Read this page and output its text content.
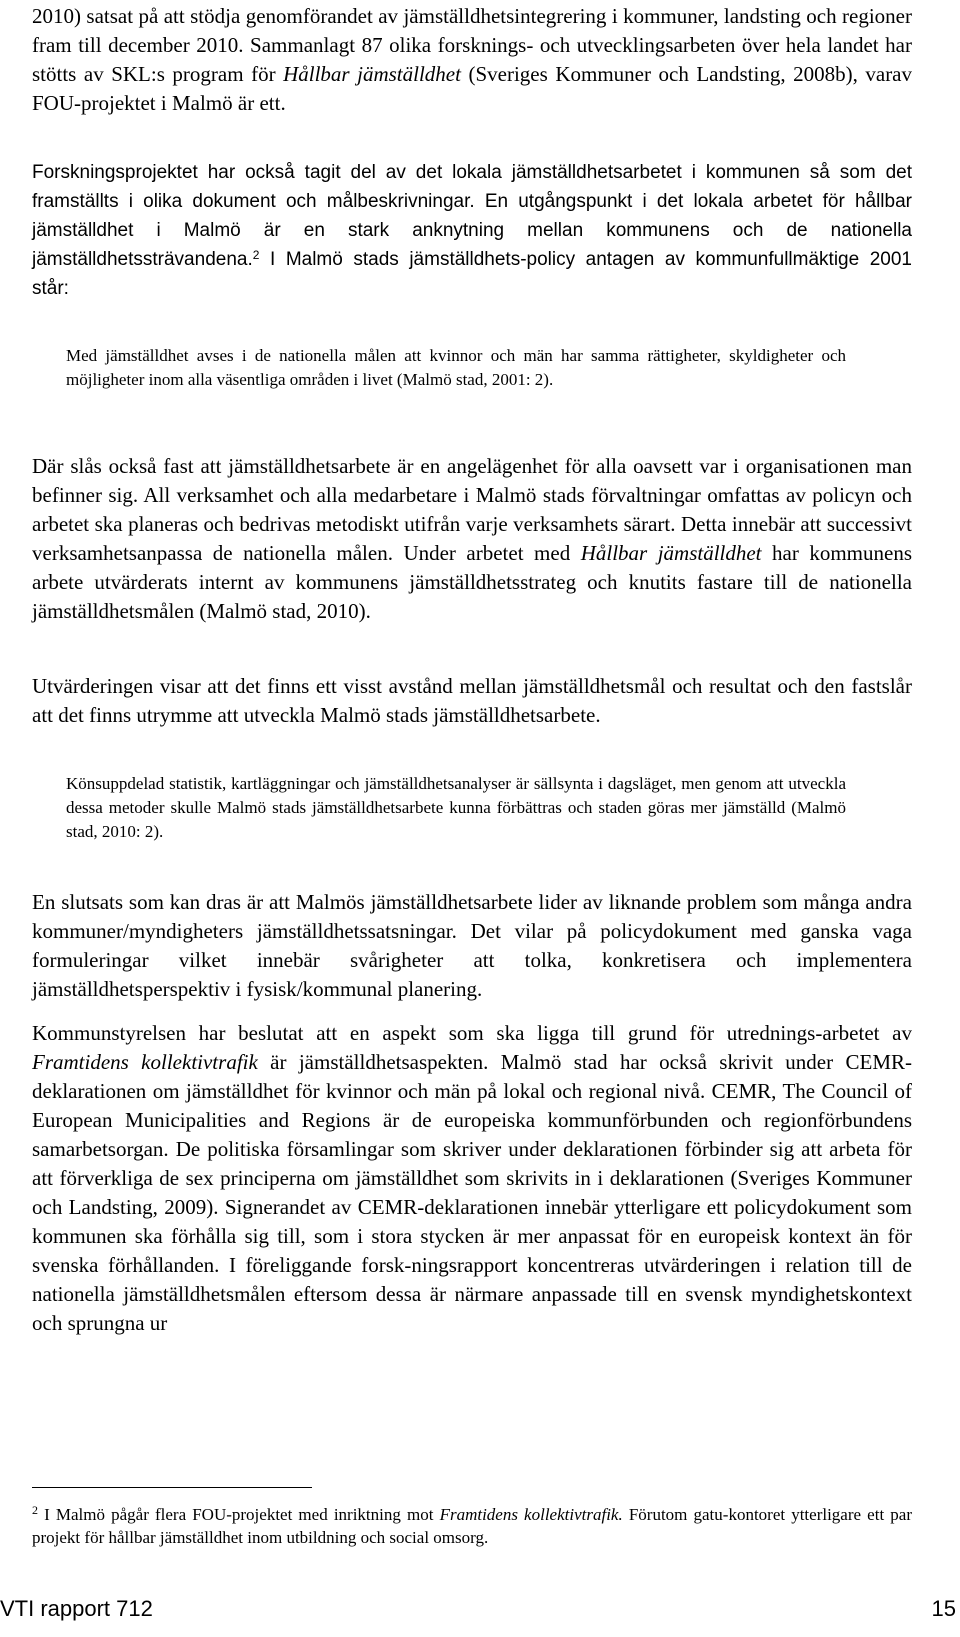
2010) satsat på att stödja genomförandet av jämställdhetsintegrering i kommuner, landsting och regioner fram till december 2010. Sammanlagt 87 olika forsknings- och utvecklingsarbeten över hela landet har stötts av SKL:s program för Hållbar jämställdhet (Sveriges Kommuner och Landsting, 2008b), varav FOU-projektet i Malmö är ett.

Forskningsprojektet har också tagit del av det lokala jämställdhetsarbetet i kommunen så som det framställts i olika dokument och målbeskrivningar. En utgångspunkt i det lokala arbetet för hållbar jämställdhet i Malmö är en stark anknytning mellan kommunens och de nationella jämställdhetssträvandena.$^2$ I Malmö stads jämställdhets-policy antagen av kommunfullmäktige 2001 står:

Med jämställdhet avses i de nationella målen att kvinnor och män har samma rättigheter, skyldigheter och möjligheter inom alla väsentliga områden i livet (Malmö stad, 2001: 2).

Där slås också fast att jämställdhetsarbete är en angelägenhet för alla oavsett var i organisationen man befinner sig. All verksamhet och alla medarbetare i Malmö stads förvaltningar omfattas av policyn och arbetet ska planeras och bedrivas metodiskt utifrån varje verksamhets särart. Detta innebär att successivt verksamhetsanpassa de nationella målen. Under arbetet med Hållbar jämställdhet har kommunens arbete utvärderats internt av kommunens jämställdhetsstrateg och knutits fastare till de nationella jämställdhetsmålen (Malmö stad, 2010).

Utvärderingen visar att det finns ett visst avstånd mellan jämställdhetsmål och resultat och den fastslår att det finns utrymme att utveckla Malmö stads jämställdhetsarbete.

Könsuppdelad statistik, kartläggningar och jämställdhetsanalyser är sällsynta i dagsläget, men genom att utveckla dessa metoder skulle Malmö stads jämställdhetsarbete kunna förbättras och staden göras mer jämställd (Malmö stad, 2010: 2).

En slutsats som kan dras är att Malmös jämställdhetsarbete lider av liknande problem som många andra kommuner/myndigheters jämställdhetssatsningar. Det vilar på policydokument med ganska vaga formuleringar vilket innebär svårigheter att tolka, konkretisera och implementera jämställdhetsperspektiv i fysisk/kommunal planering.

Kommunstyrelsen har beslutat att en aspekt som ska ligga till grund för utrednings-arbetet av Framtidens kollektivtrafik är jämställdhetsaspekten. Malmö stad har också skrivit under CEMR-deklarationen om jämställdhet för kvinnor och män på lokal och regional nivå. CEMR, The Council of European Municipalities and Regions är de europeiska kommunförbunden och regionförbundens samarbetsorgan. De politiska församlingar som skriver under deklarationen förbinder sig att arbeta för att förverkliga de sex principerna om jämställdhet som skrivits in i deklarationen (Sveriges Kommuner och Landsting, 2009). Signerandet av CEMR-deklarationen innebär ytterligare ett policydokument som kommunen ska förhålla sig till, som i stora stycken är mer anpassat för en europeisk kontext än för svenska förhållanden. I föreliggande forsk-ningsrapport koncentreras utvärderingen i relation till de nationella jämställdhetsmålen eftersom dessa är närmare anpassade till en svensk myndighetskontext och sprungna ur

$^2$ I Malmö pågår flera FOU-projektet med inriktning mot Framtidens kollektivtrafik. Förutom gatu-kontoret ytterligare ett par projekt för hållbar jämställdhet inom utbildning och social omsorg.

VTI rapport 712	15
